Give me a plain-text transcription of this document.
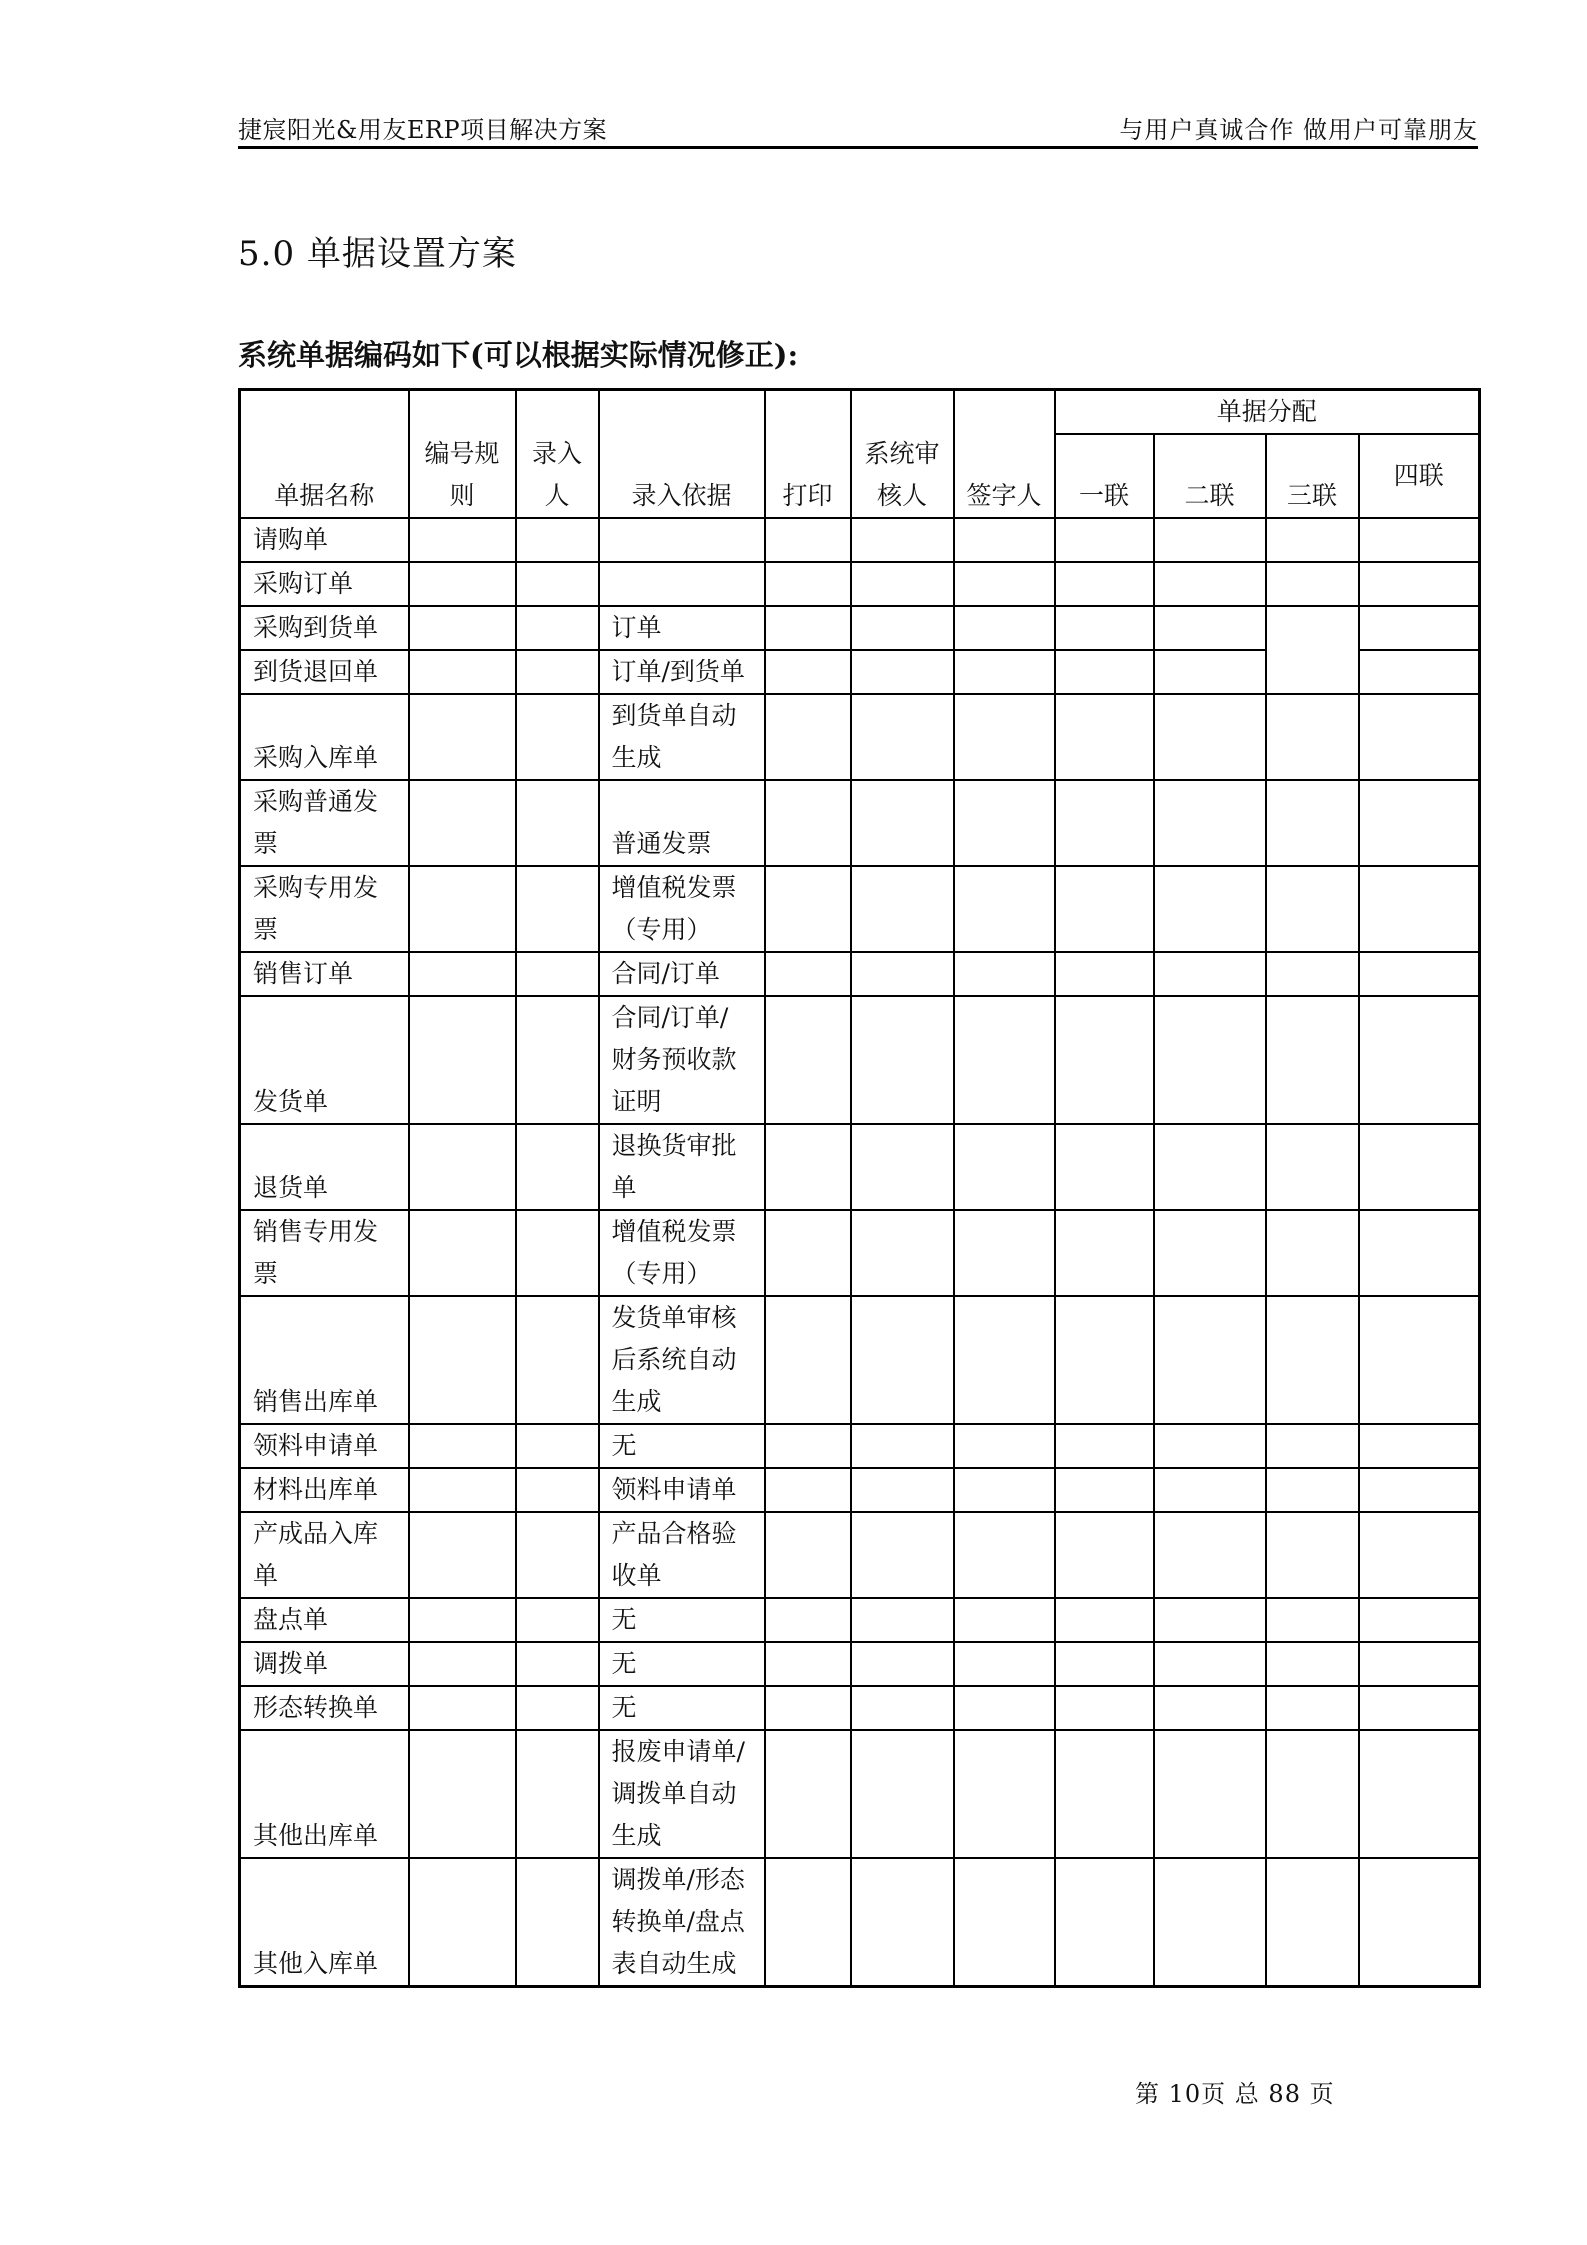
捷宸阳光&用友ERP项目解决方案	与用户真诚合作 做用户可靠朋友
5.0 单据设置方案
系统单据编码如下(可以根据实际情况修正):
单据名称	编号规则	录入人	录入依据	打印	系统审核人	签字人	单据分配			
							一联	二联	三联	四联
请购单										
采购订单										
采购到货单			订单							
到货退回单			订单/到货单							
采购入库单			到货单自动生成							
采购普通发票			普通发票							
采购专用发票			增值税发票（专用）							
销售订单			合同/订单							
发货单			合同/订单/财务预收款证明							
退货单			退换货审批单							
销售专用发票			增值税发票（专用）							
销售出库单			发货单审核后系统自动生成							
领料申请单			无							
材料出库单			领料申请单							
产成品入库单			产品合格验收单							
盘点单			无							
调拨单			无							
形态转换单			无							
其他出库单			报废申请单/调拨单自动生成							
其他入库单			调拨单/形态转换单/盘点表自动生成							
第 10页 总 88 页
